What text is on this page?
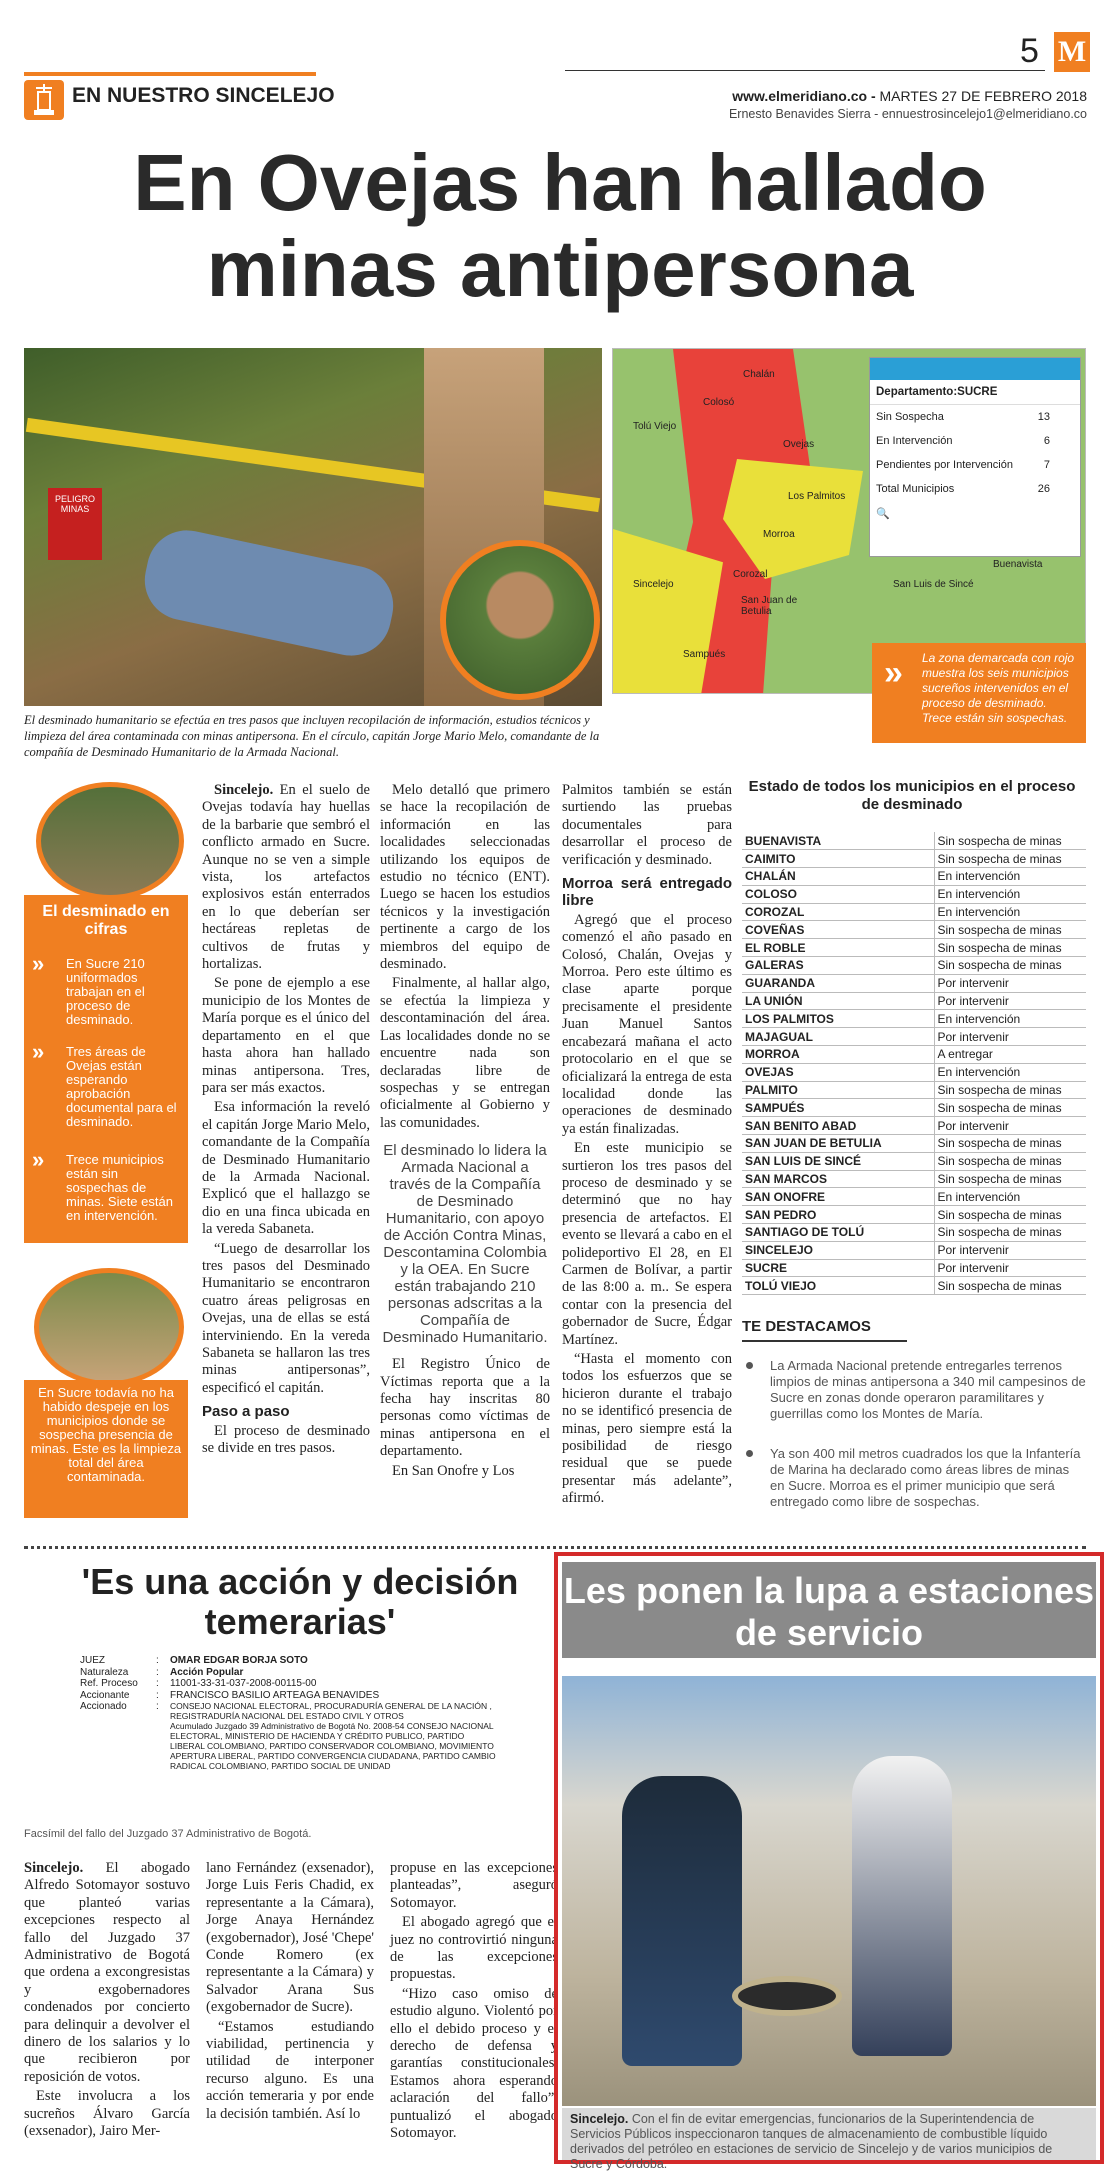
EN NUESTRO SINCELEJO
5 M
www.elmeridiano.co - MARTES 27 DE FEBRERO 2018
Ernesto Benavides Sierra - ennuestrosincelejo1@elmeridiano.co
En Ovejas han hallado minas antipersona
PELIGRO MINAS
Chalán
Colosó
Tolú Viejo
Ovejas
Los Palmitos
Morroa
Corozal
Sincelejo
San Juan de Betulia
Sampués
San Luis de Sincé
Buenavista
Departamento:SUCRE
Sin Sospecha	13
En Intervención	6
Pendientes por Intervención	7
Total Municipios	26
🔍
La zona demarcada con rojo muestra los seis municipios sucreños intervenidos en el proceso de desminado. Trece están sin sospechas.
»
El desminado humanitario se efectúa en tres pasos que incluyen recopilación de información, estudios técnicos y limpieza del área contaminada con minas antipersona. En el círculo, capitán Jorge Mario Melo, comandante de la compañía de Desminado Humanitario de la Armada Nacional.
El desminado en cifras
»	En Sucre 210 uniformados trabajan en el proceso de desminado.
»	Tres áreas de Ovejas están esperando aprobación documental para el desminado.
»	Trece municipios están sin sospechas de minas. Siete están en intervención.
En Sucre todavía no ha habido despeje en los municipios donde se sospecha presencia de minas. Este es la limpieza total del área contaminada.

Sincelejo. En el suelo de Ovejas todavía hay huellas de la barbarie que sembró el conflicto armado en Sucre. Aunque no se ven a simple vista, los artefactos explosivos están enterrados en lo que deberían ser hectáreas repletas de cultivos de frutas y hortalizas.

Se pone de ejemplo a ese municipio de los Montes de María porque es el único del departamento en el que hasta ahora han hallado minas antipersona. Tres, para ser más exactos.

Esa información la reveló el capitán Jorge Mario Melo, comandante de la Compañía de Desminado Humanitario de la Armada Nacional. Explicó que el hallazgo se dio en una finca ubicada en la vereda Sabaneta.

“Luego de desarrollar los tres pasos del Desminado Humanitario se encontraron cuatro áreas peligrosas en Ovejas, una de ellas se está interviniendo. En la vereda Sabaneta se hallaron las tres minas antipersonas”, especificó el capitán.

Paso a paso

El proceso de desminado se divide en tres pasos.

Melo detalló que primero se hace la recopilación de información en las localidades seleccionadas utilizando los equipos de estudio no técnico (ENT). Luego se hacen los estudios técnicos y la investigación pertinente a cargo de los miembros del equipo de desminado.

Finalmente, al hallar algo, se efectúa la limpieza y descontaminación del área. Las localidades donde no se encuentre nada son declaradas libre de sospechas y se entregan oficialmente al Gobierno y las comunidades.

El desminado lo lidera la Armada Nacional a través de la Compañía de Desminado Humanitario, con apoyo de Acción Contra Minas, Descontamina Colombia y la OEA. En Sucre están trabajando 210 personas adscritas a la Compañía de Desminado Humanitario.

El Registro Único de Víctimas reporta que a la fecha hay inscritas 80 personas como víctimas de minas antipersona en el departamento.

En San Onofre y Los

Palmitos también se están surtiendo las pruebas documentales para desarrollar el proceso de verificación y desminado.

Morroa será entregado libre

Agregó que el proceso comenzó el año pasado en Colosó, Chalán, Ovejas y Morroa. Pero este último es clase aparte porque precisamente el presidente Juan Manuel Santos encabezará mañana el acto protocolario en el que se oficializará la entrega de esta localidad donde las operaciones de desminado ya están finalizadas.

En este municipio se surtieron los tres pasos del proceso de desminado y se determinó que no hay presencia de artefactos. El evento se llevará a cabo en el polideportivo El 28, en El Carmen de Bolívar, a partir de las 8:00 a. m.. Se espera contar con la presencia del gobernador de Sucre, Édgar Martínez.

“Hasta el momento con todos los esfuerzos que se hicieron durante el trabajo no se identificó presencia de minas, pero siempre está la posibilidad de riesgo residual que se puede presentar más adelante”, afirmó.

Estado de todos los municipios en el proceso de desminado
BUENAVISTA	Sin sospecha de minas
CAIMITO	Sin sospecha de minas
CHALÁN	En intervención
COLOSO	En intervención
COROZAL	En intervención
COVEÑAS	Sin sospecha de minas
EL ROBLE	Sin sospecha de minas
GALERAS	Sin sospecha de minas
GUARANDA	Por intervenir
LA UNIÓN	Por intervenir
LOS PALMITOS	En intervención
MAJAGUAL	Por intervenir
MORROA	A entregar
OVEJAS	En intervención
PALMITO	Sin sospecha de minas
SAMPUÉS	Sin sospecha de minas
SAN BENITO ABAD	Por intervenir
SAN JUAN DE BETULIA	Sin sospecha de minas
SAN LUIS DE SINCÉ	Sin sospecha de minas
SAN MARCOS	Sin sospecha de minas
SAN ONOFRE	En intervención
SAN PEDRO	Sin sospecha de minas
SANTIAGO DE TOLÚ	Sin sospecha de minas
SINCELEJO	Por intervenir
SUCRE	Por intervenir
TOLÚ VIEJO	Sin sospecha de minas
TE DESTACAMOS
La Armada Nacional pretende entregarles terrenos limpios de minas antipersona a 340 mil campesinos de Sucre en zonas donde operaron paramilitares y guerrillas como los Montes de María.
Ya son 400 mil metros cuadrados los que la Infantería de Marina ha declarado como áreas libres de minas en Sucre. Morroa es el primer municipio que será entregado como libre de sospechas.
'Es una acción y decisión temerarias'
JUEZ	:	OMAR EDGAR BORJA SOTO
Naturaleza	:	Acción Popular
Ref. Proceso	:	11001-33-31-037-2008-00115-00
Accionante	:	FRANCISCO BASILIO ARTEAGA BENAVIDES
Accionado	:	CONSEJO NACIONAL ELECTORAL, PROCURADURÍA GENERAL DE LA NACIÓN , REGISTRADURÍA NACIONAL DEL ESTADO CIVIL Y OTROS
Acumulado Juzgado 39 Administrativo de Bogotá No. 2008-54 CONSEJO NACIONAL ELECTORAL, MINISTERIO DE HACIENDA Y CRÉDITO PUBLICO, PARTIDO LIBERAL COLOMBIANO, PARTIDO CONSERVADOR COLOMBIANO, MOVIMIENTO APERTURA LIBERAL, PARTIDO CONVERGENCIA CIUDADANA, PARTIDO CAMBIO RADICAL COLOMBIANO, PARTIDO SOCIAL DE UNIDAD
Facsímil del fallo del Juzgado 37 Administrativo de Bogotá.

Sincelejo. El abogado Alfredo Sotomayor sostuvo que planteó varias excepciones respecto al fallo del Juzgado 37 Administrativo de Bogotá que ordena a excongresistas y exgobernadores condenados por concierto para delinquir a devolver el dinero de los salarios y lo que recibieron por reposición de votos.

Este involucra a los sucreños Álvaro García (exsenador), Jairo Mer-

lano Fernández (exsenador), Jorge Luis Feris Chadid, ex representante a la Cámara), Jorge Anaya Hernández (exgobernador), José 'Chepe' Conde Romero (ex representante a la Cámara) y Salvador Arana Sus (exgobernador de Sucre).

“Estamos estudiando viabilidad, pertinencia y utilidad de interponer recurso alguno. Es una acción temeraria y por ende la decisión también. Así lo

propuse en las excepciones planteadas”, aseguró Sotomayor.

El abogado agregó que el juez no controvirtió ninguna de las excepciones propuestas.

“Hizo caso omiso de estudio alguno. Violentó por ello el debido proceso y el derecho de defensa y garantías constitucionales. Estamos ahora esperando aclaración del fallo”, puntualizó el abogado Sotomayor.

Les ponen la lupa a estaciones de servicio
Sincelejo. Con el fin de evitar emergencias, funcionarios de la Superintendencia de Servicios Públicos inspeccionaron tanques de almacenamiento de combustible líquido derivados del petróleo en estaciones de servicio de Sincelejo y de varios municipios de Sucre y Córdoba.
